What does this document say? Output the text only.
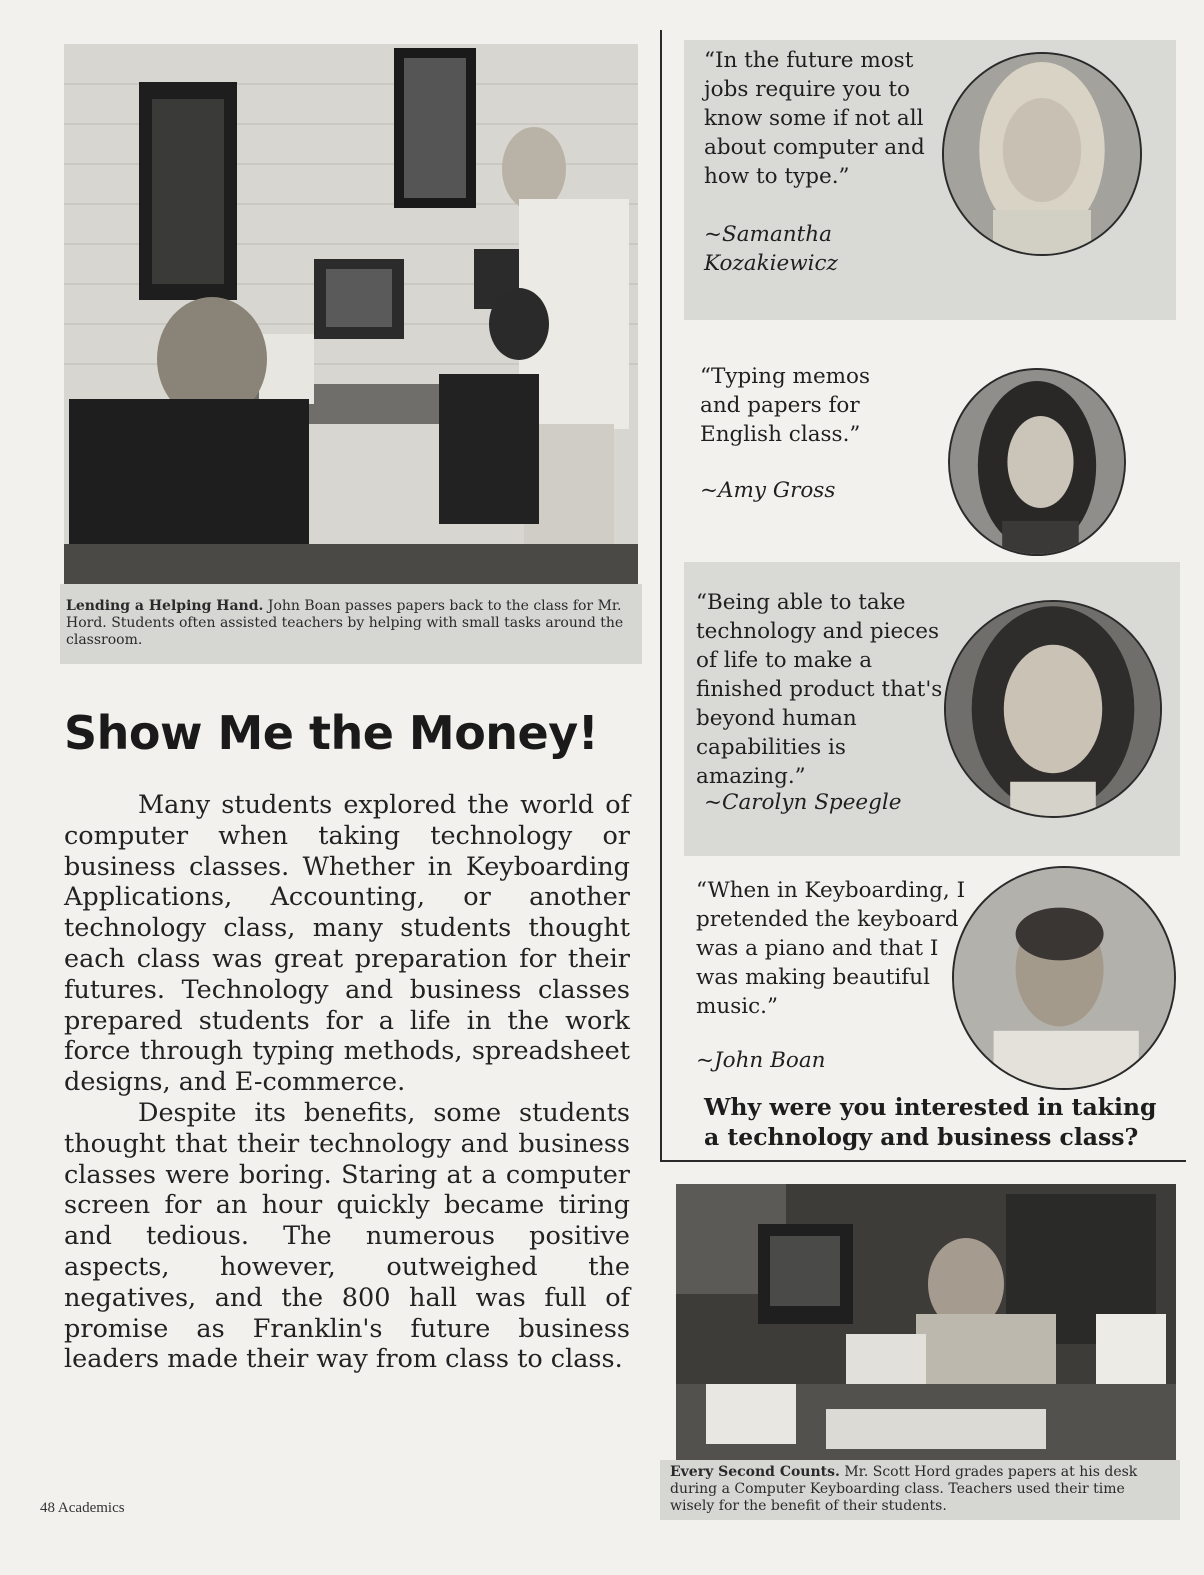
Lending a Helping Hand. John Boan passes papers back to the class for Mr. Hord. Students often assisted teachers by helping with small tasks around the classroom.
Show Me the Money!

Many students explored the world of computer when taking technology or business classes. Whether in Keyboarding Applications, Accounting, or another technology class, many students thought each class was great preparation for their futures. Technology and business classes prepared students for a life in the work force through typing methods, spreadsheet designs, and E-commerce.

Despite its benefits, some students thought that their technology and business classes were boring. Staring at a computer screen for an hour quickly became tiring and tedious. The numerous positive aspects, however, outweighed the negatives, and the 800 hall was full of promise as Franklin's future business leaders made their way from class to class.

“In the future most jobs require you to know some if not all about computer and how to type.”

~Samantha Kozakiewicz

“Typing memos and papers for English class.”

~Amy Gross

“Being able to take technology and pieces of life to make a finished product that's beyond human capabilities is amazing.”

~Carolyn Speegle

“When in Keyboarding, I pretended the keyboard was a piano and that I was making beautiful music.”

~John Boan

Why were you interested in taking a technology and business class?

Every Second Counts. Mr. Scott Hord grades papers at his desk during a Computer Keyboarding class. Teachers used their time wisely for the benefit of their students.
48 Academics
